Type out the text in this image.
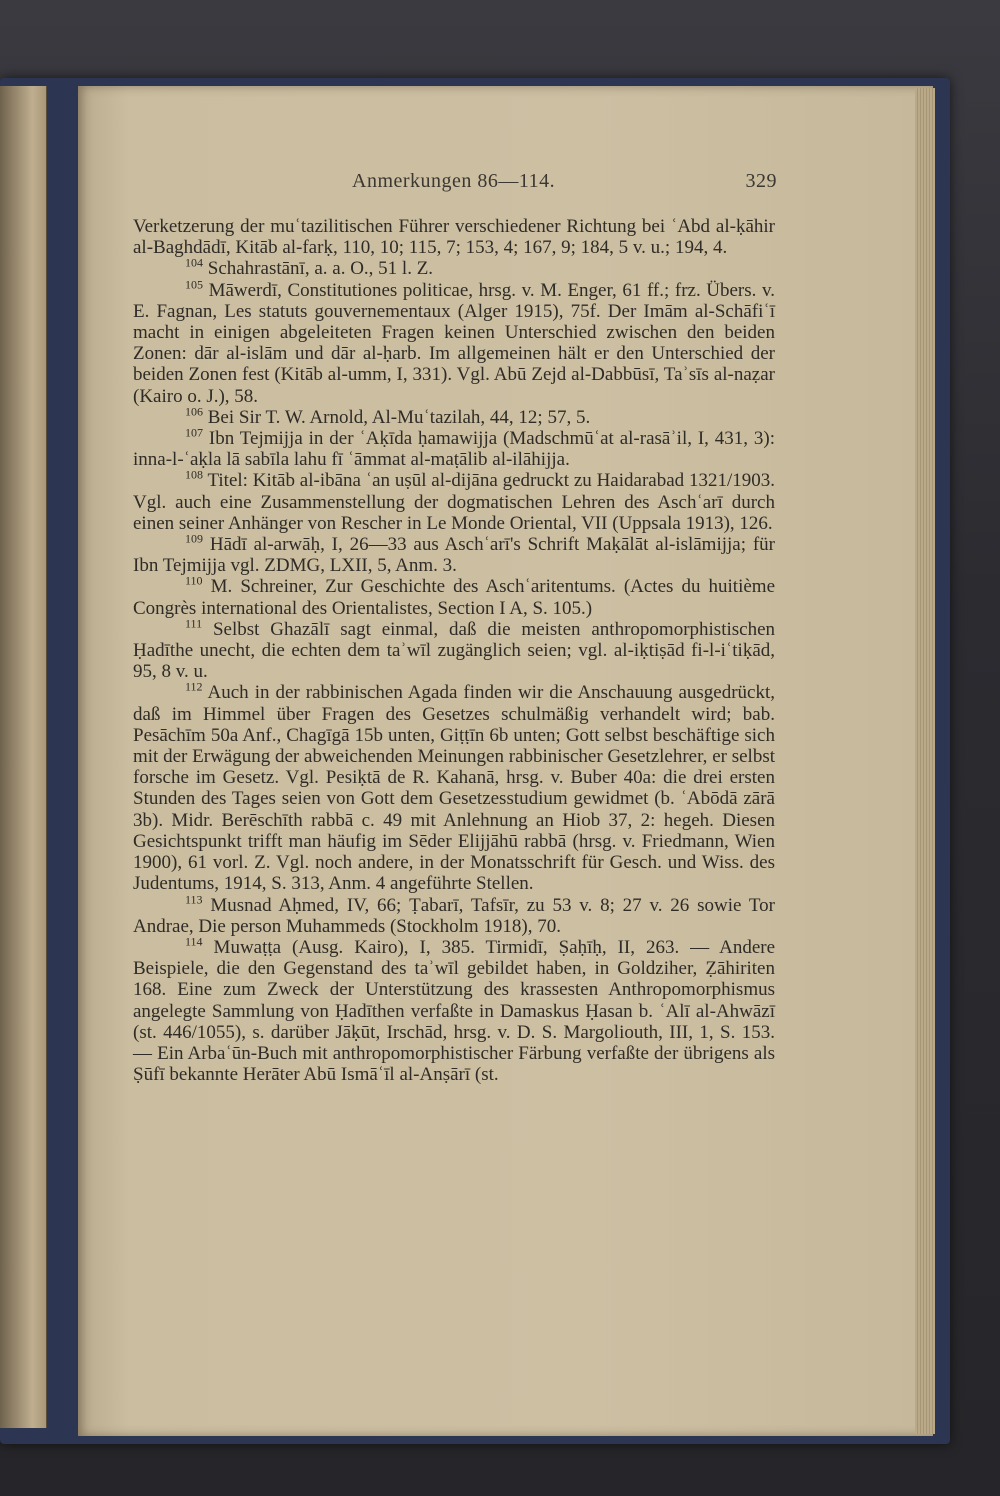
Anmerkungen 86—114.	329

Verketzerung der muʿtazilitischen Führer verschiedener Richtung bei ʿAbd al-ḳāhir al-Baghdādī, Kitāb al-farḳ, 110, 10; 115, 7; 153, 4; 167, 9; 184, 5 v. u.; 194, 4.

$^{104}$ Schahrastānī, a. a. O., 51 l. Z.

$^{105}$ Māwerdī, Constitutiones politicae, hrsg. v. M. Enger, 61 ff.; frz. Übers. v. E. Fagnan, Les statuts gouvernementaux (Alger 1915), 75f. Der Imām al-Schāfiʿī macht in einigen abgeleiteten Fragen keinen Unterschied zwischen den beiden Zonen: dār al-islām und dār al-ḥarb. Im allgemeinen hält er den Unterschied der beiden Zonen fest (Kitāb al-umm, I, 331). Vgl. Abū Zejd al-Dabbūsī, Taʾsīs al-naẓar (Kairo o. J.), 58.

$^{106}$ Bei Sir T. W. Arnold, Al-Muʿtazilah, 44, 12; 57, 5.

$^{107}$ Ibn Tejmijja in der ʿAḳīda ḥamawijja (Madschmūʿat al-rasāʾil, I, 431, 3): inna-l-ʿaḳla lā sabīla lahu fī ʿāmmat al-maṭālib al-ilāhijja.

$^{108}$ Titel: Kitāb al-ibāna ʿan uṣūl al-dijāna gedruckt zu Haidarabad 1321/1903. Vgl. auch eine Zusammenstellung der dogmatischen Lehren des Aschʿarī durch einen seiner Anhänger von Rescher in Le Monde Oriental, VII (Uppsala 1913), 126.

$^{109}$ Hādī al-arwāḥ, I, 26—33 aus Aschʿarī's Schrift Maḳālāt al-islāmijja; für Ibn Tejmijja vgl. ZDMG, LXII, 5, Anm. 3.

$^{110}$ M. Schreiner, Zur Geschichte des Aschʿaritentums. (Actes du huitième Congrès international des Orientalistes, Section I A, S. 105.)

$^{111}$ Selbst Ghazālī sagt einmal, daß die meisten anthropomorphistischen Ḥadīthe unecht, die echten dem taʾwīl zugänglich seien; vgl. al-iḳtiṣād fi-l-iʿtiḳād, 95, 8 v. u.

$^{112}$ Auch in der rabbinischen Agada finden wir die Anschauung ausgedrückt, daß im Himmel über Fragen des Gesetzes schulmäßig verhandelt wird; bab. Pesāchīm 50a Anf., Chagīgā 15b unten, Giṭṭīn 6b unten; Gott selbst beschäftige sich mit der Erwägung der abweichenden Meinungen rabbinischer Gesetzlehrer, er selbst forsche im Gesetz. Vgl. Pesiḳtā de R. Kahanā, hrsg. v. Buber 40a: die drei ersten Stunden des Tages seien von Gott dem Gesetzesstudium gewidmet (b. ʿAbōdā zārā 3b). Midr. Berēschīth rabbā c. 49 mit Anlehnung an Hiob 37, 2: hegeh. Diesen Gesichtspunkt trifft man häufig im Sēder Elijjāhū rabbā (hrsg. v. Friedmann, Wien 1900), 61 vorl. Z. Vgl. noch andere, in der Monatsschrift für Gesch. und Wiss. des Judentums, 1914, S. 313, Anm. 4 angeführte Stellen.

$^{113}$ Musnad Aḥmed, IV, 66; Ṭabarī, Tafsīr, zu 53 v. 8; 27 v. 26 sowie Tor Andrae, Die person Muhammeds (Stockholm 1918), 70.

$^{114}$ Muwaṭṭa (Ausg. Kairo), I, 385. Tirmidī, Ṣaḥīḥ, II, 263. — Andere Beispiele, die den Gegenstand des taʾwīl gebildet haben, in Goldziher, Ẓāhiriten 168. Eine zum Zweck der Unterstützung des krassesten Anthropomorphismus angelegte Sammlung von Ḥadīthen verfaßte in Damaskus Ḥasan b. ʿAlī al-Ahwāzī (st. 446/1055), s. darüber Jāḳūt, Irschād, hrsg. v. D. S. Margoliouth, III, 1, S. 153. — Ein Arbaʿūn-Buch mit anthropomorphistischer Färbung verfaßte der übrigens als Ṣūfī bekannte Herāter Abū Ismāʿīl al-Anṣārī (st.
